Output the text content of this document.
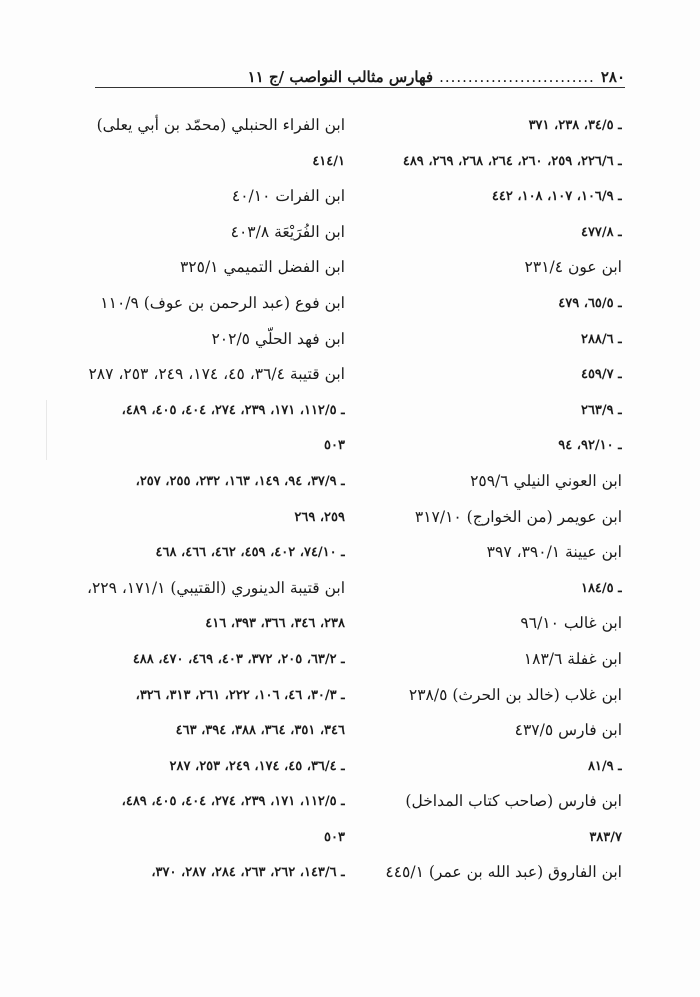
٢٨٠
...........................
فهارس مثالب النواصب /ج ١١
ـ ٣٤/٥، ٢٣٨، ٣٧١
ـ ٢٢٦/٦، ٢٥٩، ٢٦٠، ٢٦٤، ٢٦٨، ٢٦٩، ٤٨٩
ـ ١٠٦/٩، ١٠٧، ١٠٨، ٤٤٢
ـ ٤٧٧/٨
ابن عون ٢٣١/٤
ـ ٦٥/٥، ٤٧٩
ـ ٢٨٨/٦
ـ ٤٥٩/٧
ـ ٢٦٣/٩
ـ ٩٢/١٠، ٩٤
ابن العوني النيلي ٢٥٩/٦
ابن عويمر (من الخوارج) ٣١٧/١٠
ابن عيينة ٣٩٠/١، ٣٩٧
ـ ١٨٤/٥
ابن غالب ٩٦/١٠
ابن غفلة ١٨٣/٦
ابن غلاب (خالد بن الحرث) ٢٣٨/٥
ابن فارس ٤٣٧/٥
ـ ٨١/٩
ابن فارس (صاحب كتاب المداخل)
٣٨٣/٧
ابن الفاروق (عبد الله بن عمر) ٤٤٥/١
ابن الفراء الحنبلي (محمّد بن أبي يعلى)
٤١٤/١
ابن الفرات ٤٠/١٠
ابن الفُرَيْعَة ٤٠٣/٨
ابن الفضل التميمي ٣٢٥/١
ابن فوع (عبد الرحمن بن عوف) ١١٠/٩
ابن فهد الحلّي ٢٠٢/٥
ابن قتيبة ٣٦/٤، ٤٥، ١٧٤، ٢٤٩، ٢٥٣، ٢٨٧
ـ ١١٢/٥، ١٧١، ٢٣٩، ٢٧٤، ٤٠٤، ٤٠٥، ٤٨٩،
٥٠٣
ـ ٣٧/٩، ٩٤، ١٤٩، ١٦٣، ٢٣٢، ٢٥٥، ٢٥٧،
٢٥٩، ٢٦٩
ـ ٧٤/١٠، ٤٠٢، ٤٥٩، ٤٦٢، ٤٦٦، ٤٦٨
ابن قتيبة الدينوري (القتيبي) ١٧١/١، ٢٢٩،
٢٣٨، ٣٤٦، ٣٦٦، ٣٩٣، ٤١٦
ـ ٦٣/٢، ٢٠٥، ٣٧٢، ٤٠٣، ٤٦٩، ٤٧٠، ٤٨٨
ـ ٣٠/٣، ٤٦، ١٠٦، ٢٢٢، ٢٦١، ٣١٣، ٣٢٦،
٣٤٦، ٣٥١، ٣٦٤، ٣٨٨، ٣٩٤، ٤٦٣
ـ ٣٦/٤، ٤٥، ١٧٤، ٢٤٩، ٢٥٣، ٢٨٧
ـ ١١٢/٥، ١٧١، ٢٣٩، ٢٧٤، ٤٠٤، ٤٠٥، ٤٨٩،
٥٠٣
ـ ١٤٣/٦، ٢٦٢، ٢٦٣، ٢٨٤، ٢٨٧، ٣٧٠،
